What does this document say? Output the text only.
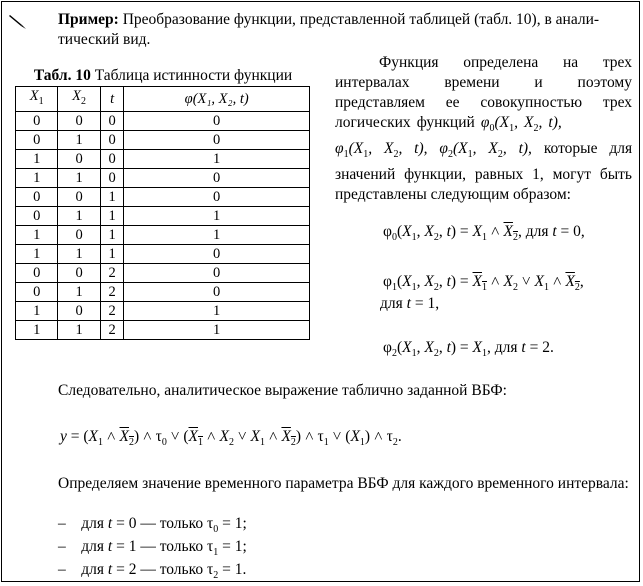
Пример: Преобразование функции, представленной таблицей (табл. 10), в анали-
тический вид.
Табл. 10 Таблица истинности функции
$X_1$	$X_2$	t	φ(X₁, X₂, t)
0	0	0	0
0	1	0	0
1	0	0	1
1	1	0	0
0	0	1	0
0	1	1	1
1	0	1	1
1	1	1	0
0	0	2	0
0	1	2	0
1	0	2	1
1	1	2	1

Функция определена на трех интервалах времени и поэтому представляем ее совокупностью трех логических функций $\varphi_0(X_1$, $X_2$, t),             $\varphi_1(X_1$, $X_2$, t), $\varphi_2(X_1$, $X_2$, t), которые для значений функции, равных 1, могут быть представлены следующим образом:

$\varphi_0(X_1$, $X_2$, $t) = X_1$ ˄ $X_2$, для t = 0,
$\varphi_1(X_1$, $X_2$, $t) = X_1$ ˄ $X_2$ ˅ $X_1$ ˄ $X_2$,
для t = 1,
$\varphi_2(X_1$, $X_2$, $t) = X_1$, для t = 2.

Следовательно, аналитическое выражение таблично заданной ВБФ:

$y = (X_1$ ˄ $X_2$) ˄ $\tau_0$ ˅ ($X_1$ ˄ $X_2$ ˅ $X_1$ ˄ $X_2$) ˄ $\tau_1$ ˅ $(X_1)$ ˄ $\tau_2$.

Определяем значение временного параметра ВБФ для каждого временного интервала:

–    для t = 0 — только $\tau_0 = 1$;
–    для t = 1 — только $\tau_1 = 1$;
–    для t = 2 — только $\tau_2 = 1$.
